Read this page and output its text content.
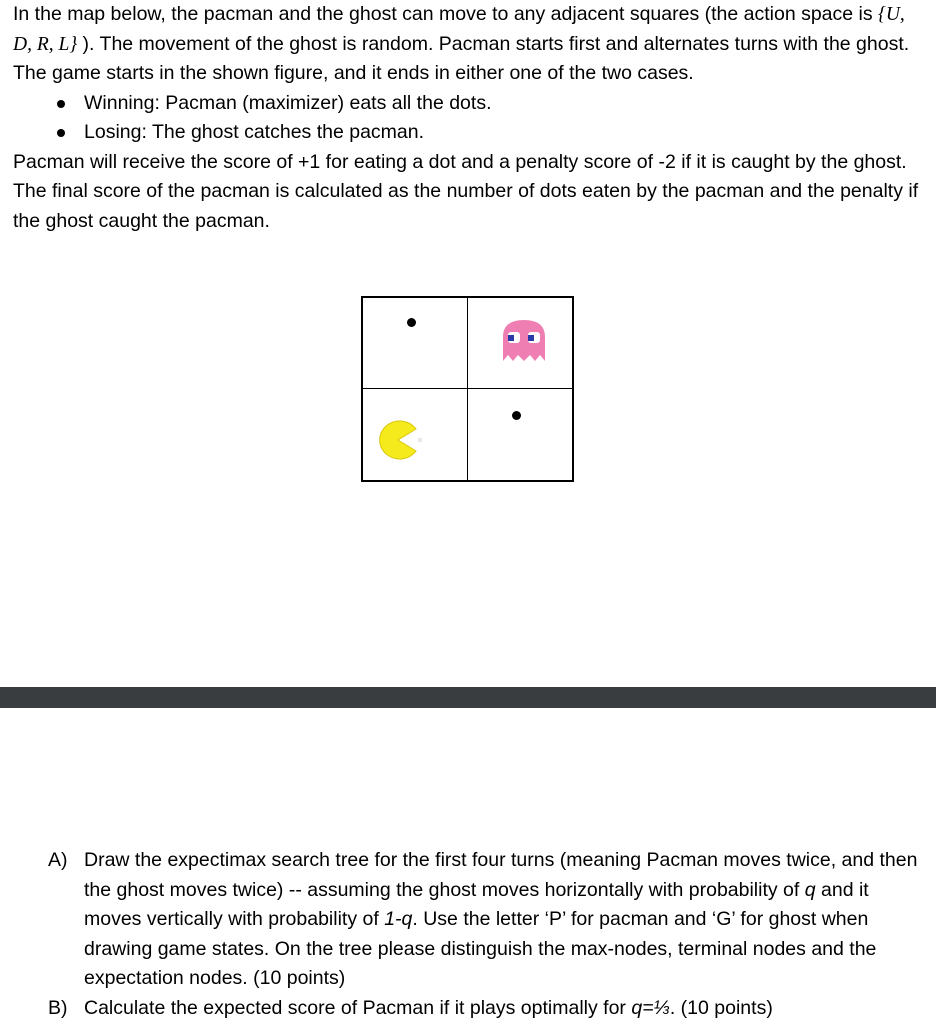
In the map below, the pacman and the ghost can move to any adjacent squares (the action space is {U, D, R, L} ). The movement of the ghost is random. Pacman starts first and alternates turns with the ghost. The game starts in the shown figure, and it ends in either one of the two cases.

Winning: Pacman (maximizer) eats all the dots.
Losing: The ghost catches the pacman.

Pacman will receive the score of +1 for eating a dot and a penalty score of -2 if it is caught by the ghost. The final score of the pacman is calculated as the number of dots eaten by the pacman and the penalty if the ghost caught the pacman.

A) Draw the expectimax search tree for the first four turns (meaning Pacman moves twice, and then the ghost moves twice) -- assuming the ghost moves horizontally with probability of q and it moves vertically with probability of 1-q. Use the letter ‘P’ for pacman and ‘G’ for ghost when drawing game states. On the tree please distinguish the max-nodes, terminal nodes and the expectation nodes. (10 points)
B) Calculate the expected score of Pacman if it plays optimally for q=⅓. (10 points)
